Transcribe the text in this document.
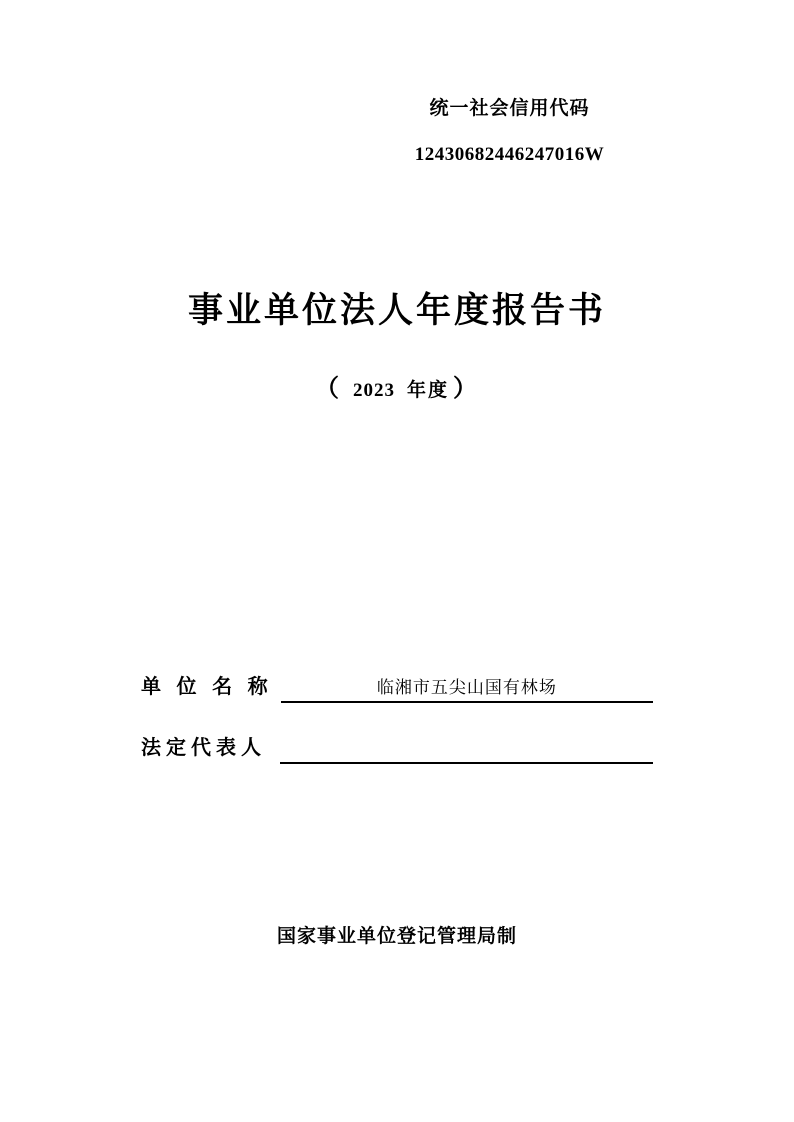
统一社会信用代码
12430682446247016W
事业单位法人年度报告书
（ 2023 年度 ）
单 位 名 称	临湘市五尖山国有林场
法定代表人
国家事业单位登记管理局制
